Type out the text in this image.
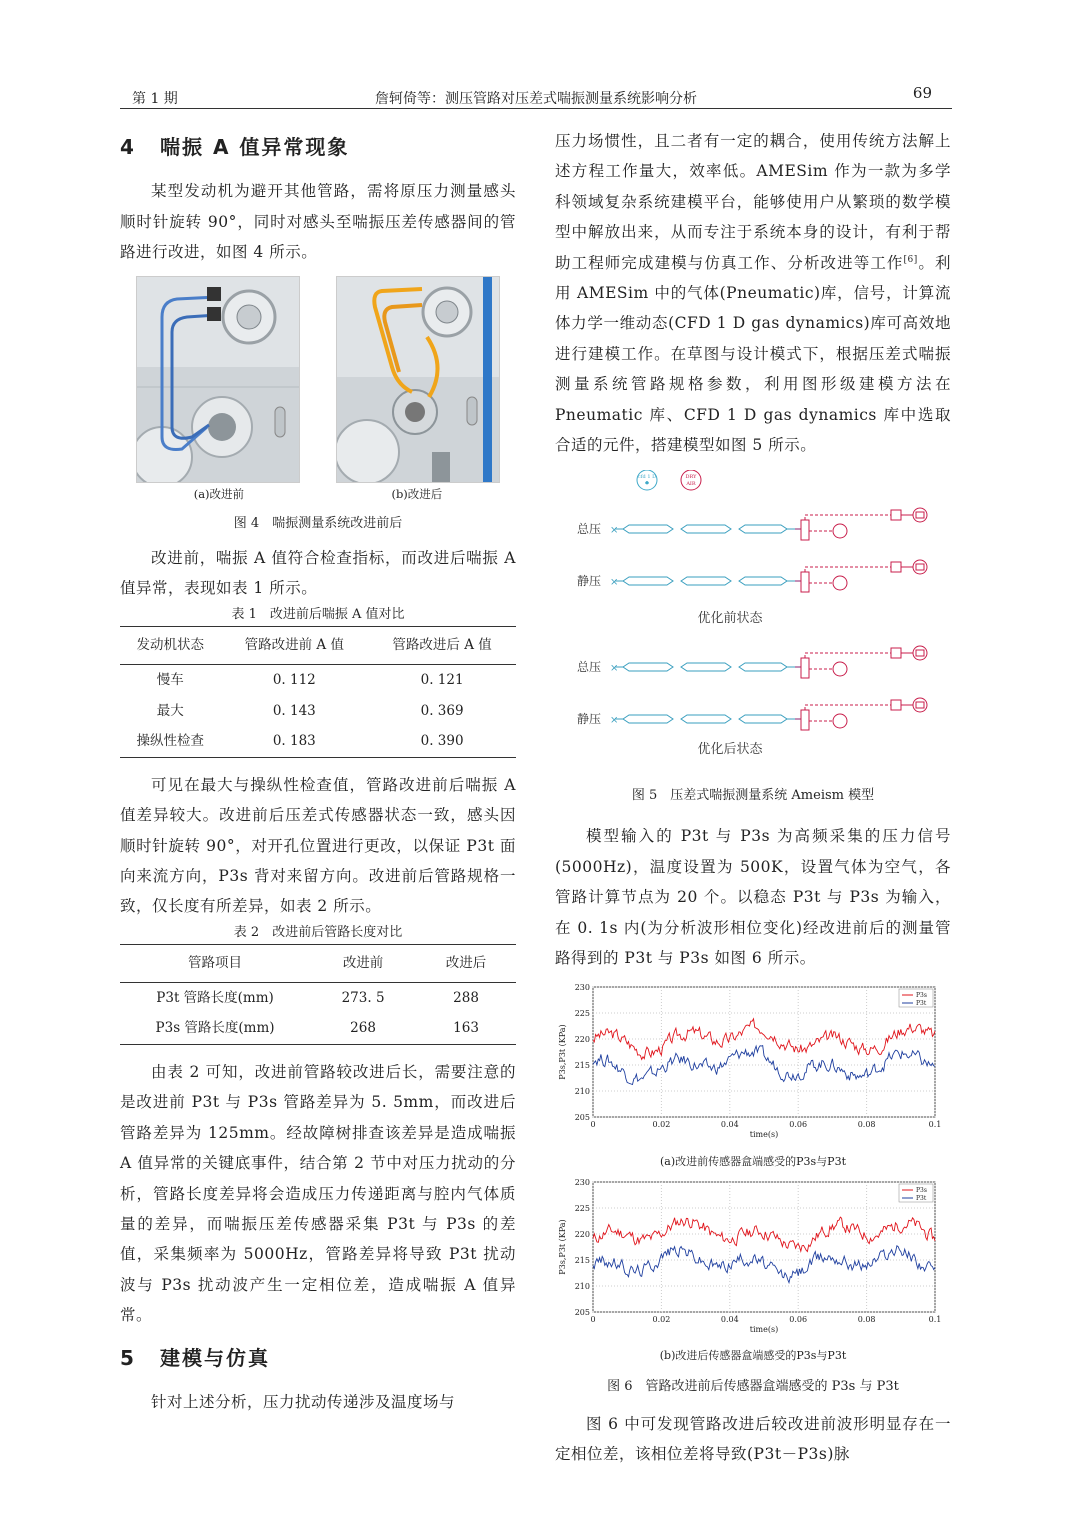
第 1 期	詹轲倚等：测压管路对压差式喘振测量系统影响分析	69
4 喘振 A 值异常现象

某型发动机为避开其他管路，需将原压力测量感头顺时针旋转 90°，同时对感头至喘振压差传感器间的管路进行改进，如图 4 所示。

(a)改进前	(b)改进后
图 4　喘振测量系统改进前后

改进前，喘振 A 值符合检查指标，而改进后喘振 A 值异常，表现如表 1 所示。

表 1　改进前后喘振 A 值对比
发动机状态	管路改进前 A 值	管路改进后 A 值
慢车	0. 112	0. 121
最大	0. 143	0. 369
操纵性检查	0. 183	0. 390

可见在最大与操纵性检查值，管路改进前后喘振 A 值差异较大。改进前后压差式传感器状态一致，感头因顺时针旋转 90°，对开孔位置进行更改，以保证 P3t 面向来流方向，P3s 背对来留方向。改进前后管路规格一致，仅长度有所差异，如表 2 所示。

表 2　改进前后管路长度对比
管路项目	改进前	改进后
P3t 管路长度(mm)	273. 5	288
P3s 管路长度(mm)	268	163

由表 2 可知，改进前管路较改进后长，需要注意的是改进前 P3t 与 P3s 管路差异为 5. 5mm，而改进后管路差异为 125mm。经故障树排查该差异是造成喘振 A 值异常的关键底事件，结合第 2 节中对压力扰动的分析，管路长度差异将会造成压力传递距离与腔内气体质量的差异，而喘振压差传感器采集 P3t 与 P3s 的差值，采集频率为 5000Hz，管路差异将导致 P3t 扰动波与 P3s 扰动波产生一定相位差，造成喘振 A 值异常。

5 建模与仿真

针对上述分析，压力扰动传递涉及温度场与

压力场惯性，且二者有一定的耦合，使用传统方法解上述方程工作量大，效率低。AMESim 作为一款为多学科领域复杂系统建模平台，能够使用户从繁琐的数学模型中解放出来，从而专注于系统本身的设计，有利于帮助工程师完成建模与仿真工作、分析改进等工作[6]。利用 AMESim 中的气体(Pneumatic)库，信号，计算流体力学一维动态(CFD 1 D gas dynamics)库可高效地进行建模工作。在草图与设计模式下，根据压差式喘振测量系统管路规格参数，利用图形级建模方法在 Pneumatic 库、CFD 1 D gas dynamics 库中选取合适的元件，搭建模型如图 5 所示。

cfd 1 D	DRY
AIR
×
×
×
×
总压
静压
优化前状态
总压
静压
优化后状态
图 5　压差式喘振测量系统 Ameism 模型

模型输入的 P3t 与 P3s 为高频采集的压力信号(5000Hz)，温度设置为 500K，设置气体为空气，各管路计算节点为 20 个。以稳态 P3t 与 P3s 为输入，在 0. 1s 内(为分析波形相位变化)经改进前后的测量管路得到的 P3t 与 P3s 如图 6 所示。

205
210
215
220
225
230
0	0.02	0.04	0.06	0.08	0.1
time(s)
P3s,P3t (KPa)
P3s
P3t
(a)改进前传感器盒端感受的P3s与P3t
205
210
215
220
225
230
0	0.02	0.04	0.06	0.08	0.1
time(s)
P3s,P3t (KPa)
P3s
P3t
(b)改进后传感器盒端感受的P3s与P3t
图 6　管路改进前后传感器盒端感受的 P3s 与 P3t

图 6 中可发现管路改进后较改进前波形明显存在一定相位差，该相位差将导致(P3t－P3s)脉
